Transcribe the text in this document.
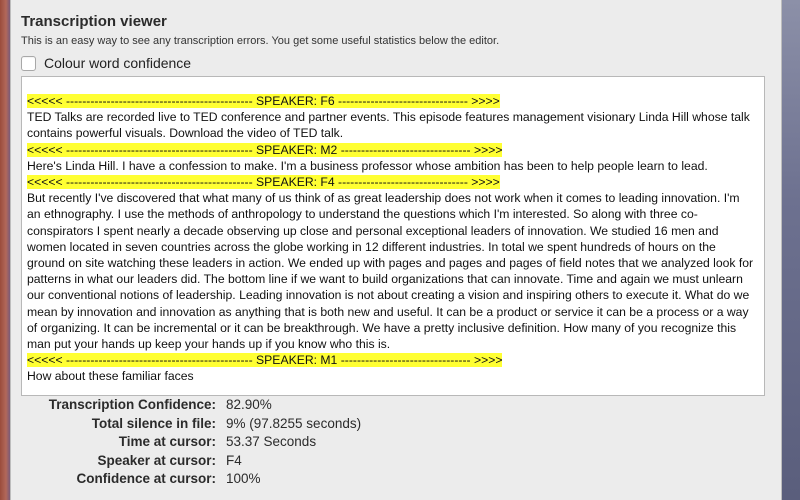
Transcription viewer
This is an easy way to see any transcription errors. You get some useful statistics below the editor.
Colour word confidence

<<<<< ---------------------------------------------- SPEAKER: F6 -------------------------------- >>>>

TED Talks are recorded live to TED conference and partner events. This episode features management visionary Linda Hill whose talk contains powerful visuals. Download the video of TED talk.

<<<<< ---------------------------------------------- SPEAKER: M2 -------------------------------- >>>>

Here's Linda Hill. I have a confession to make. I'm a business professor whose ambition has been to help people learn to lead.

<<<<< ---------------------------------------------- SPEAKER: F4 -------------------------------- >>>>

But recently I've discovered that what many of us think of as great leadership does not work when it comes to leading innovation. I'm an ethnography. I use the methods of anthropology to understand the questions which I'm interested. So along with three co-conspirators I spent nearly a decade observing up close and personal exceptional leaders of innovation. We studied 16 men and women located in seven countries across the globe working in 12 different industries. In total we spent hundreds of hours on the ground on site watching these leaders in action. We ended up with pages and pages and pages of field notes that we analyzed look for patterns in what our leaders did. The bottom line if we want to build organizations that can innovate. Time and again we must unlearn our conventional notions of leadership. Leading innovation is not about creating a vision and inspiring others to execute it. What do we mean by innovation and innovation as anything that is both new and useful. It can be a product or service it can be a process or a way of organizing. It can be incremental or it can be breakthrough. We have a pretty inclusive definition. How many of you recognize this man put your hands up keep your hands up if you know who this is.

<<<<< ---------------------------------------------- SPEAKER: M1 -------------------------------- >>>>

How about these familiar faces

Transcription Confidence: 82.90%
Total silence in file: 9% (97.8255 seconds)
Time at cursor: 53.37 Seconds
Speaker at cursor: F4
Confidence at cursor: 100%
